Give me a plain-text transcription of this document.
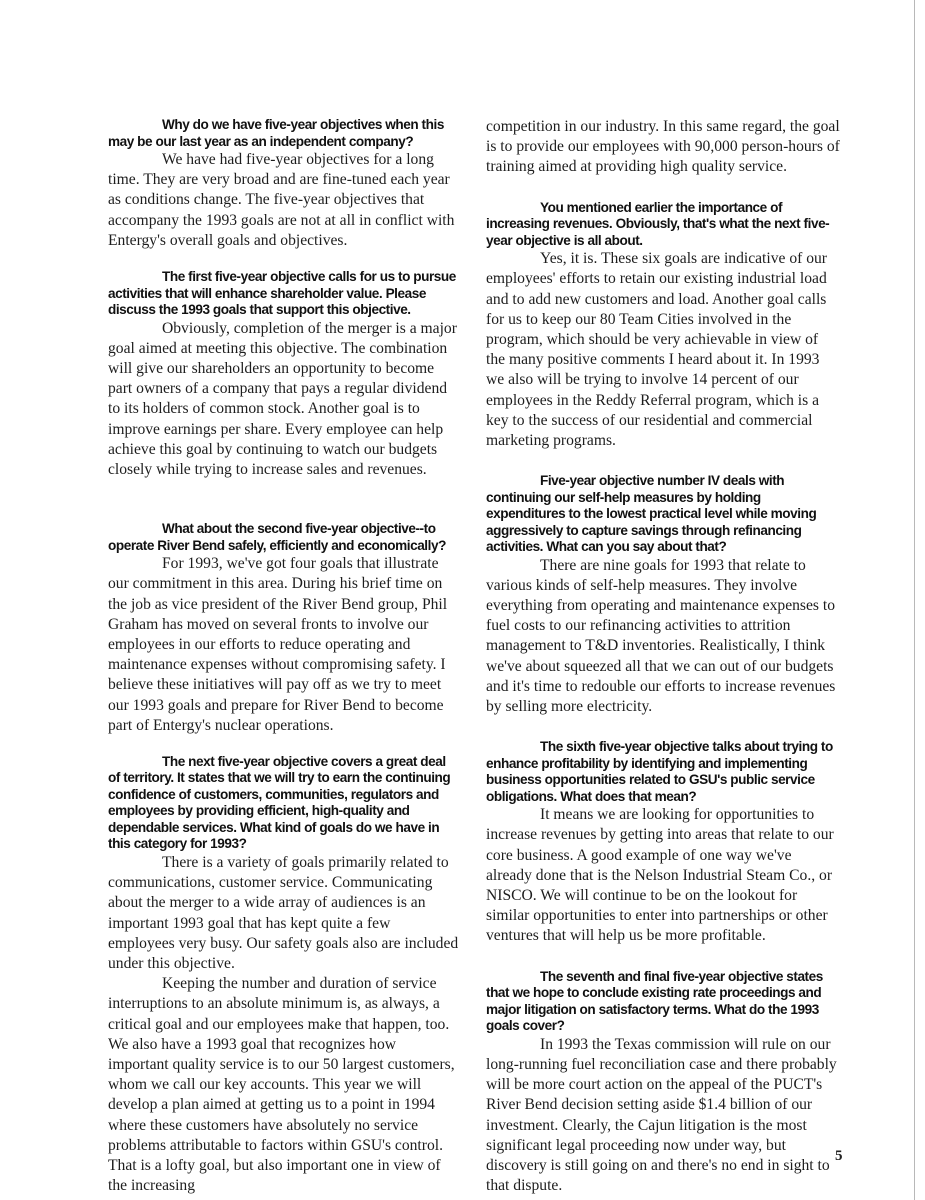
Why do we have five-year objectives when this may be our last year as an independent company?

We have had five-year objectives for a long time. They are very broad and are fine-tuned each year as conditions change. The five-year objectives that accompany the 1993 goals are not at all in conflict with Entergy's overall goals and objectives.

The first five-year objective calls for us to pursue activities that will enhance shareholder value. Please discuss the 1993 goals that support this objective.

Obviously, completion of the merger is a major goal aimed at meeting this objective. The combination will give our shareholders an opportunity to become part owners of a company that pays a regular dividend to its holders of common stock. Another goal is to improve earnings per share. Every employee can help achieve this goal by continuing to watch our budgets closely while trying to increase sales and revenues.

What about the second five-year objective--to operate River Bend safely, efficiently and economically?

For 1993, we've got four goals that illustrate our commitment in this area. During his brief time on the job as vice president of the River Bend group, Phil Graham has moved on several fronts to involve our employees in our efforts to reduce operating and maintenance expenses without compromising safety. I believe these initiatives will pay off as we try to meet our 1993 goals and prepare for River Bend to become part of Entergy's nuclear operations.

The next five-year objective covers a great deal of territory. It states that we will try to earn the continuing confidence of customers, communities, regulators and employees by providing efficient, high-quality and dependable services. What kind of goals do we have in this category for 1993?

There is a variety of goals primarily related to communications, customer service. Communicating about the merger to a wide array of audiences is an important 1993 goal that has kept quite a few employees very busy. Our safety goals also are included under this objective.

Keeping the number and duration of service interruptions to an absolute minimum is, as always, a critical goal and our employees make that happen, too. We also have a 1993 goal that recognizes how important quality service is to our 50 largest customers, whom we call our key accounts. This year we will develop a plan aimed at getting us to a point in 1994 where these customers have absolutely no service problems attributable to factors within GSU's control. That is a lofty goal, but also important one in view of the increasing

competition in our industry. In this same regard, the goal is to provide our employees with 90,000 person-hours of training aimed at providing high quality service.

You mentioned earlier the importance of increasing revenues. Obviously, that's what the next five-year objective is all about.

Yes, it is. These six goals are indicative of our employees' efforts to retain our existing industrial load and to add new customers and load. Another goal calls for us to keep our 80 Team Cities involved in the program, which should be very achievable in view of the many positive comments I heard about it. In 1993 we also will be trying to involve 14 percent of our employees in the Reddy Referral program, which is a key to the success of our residential and commercial marketing programs.

Five-year objective number IV deals with continuing our self-help measures by holding expenditures to the lowest practical level while moving aggressively to capture savings through refinancing activities. What can you say about that?

There are nine goals for 1993 that relate to various kinds of self-help measures. They involve everything from operating and maintenance expenses to fuel costs to our refinancing activities to attrition management to T&D inventories. Realistically, I think we've about squeezed all that we can out of our budgets and it's time to redouble our efforts to increase revenues by selling more electricity.

The sixth five-year objective talks about trying to enhance profitability by identifying and implementing business opportunities related to GSU's public service obligations. What does that mean?

It means we are looking for opportunities to increase revenues by getting into areas that relate to our core business. A good example of one way we've already done that is the Nelson Industrial Steam Co., or NISCO. We will continue to be on the lookout for similar opportunities to enter into partnerships or other ventures that will help us be more profitable.

The seventh and final five-year objective states that we hope to conclude existing rate proceedings and major litigation on satisfactory terms. What do the 1993 goals cover?

In 1993 the Texas commission will rule on our long-running fuel reconciliation case and there probably will be more court action on the appeal of the PUCT's River Bend decision setting aside $1.4 billion of our investment. Clearly, the Cajun litigation is the most significant legal proceeding now under way, but discovery is still going on and there's no end in sight to that dispute.

5
